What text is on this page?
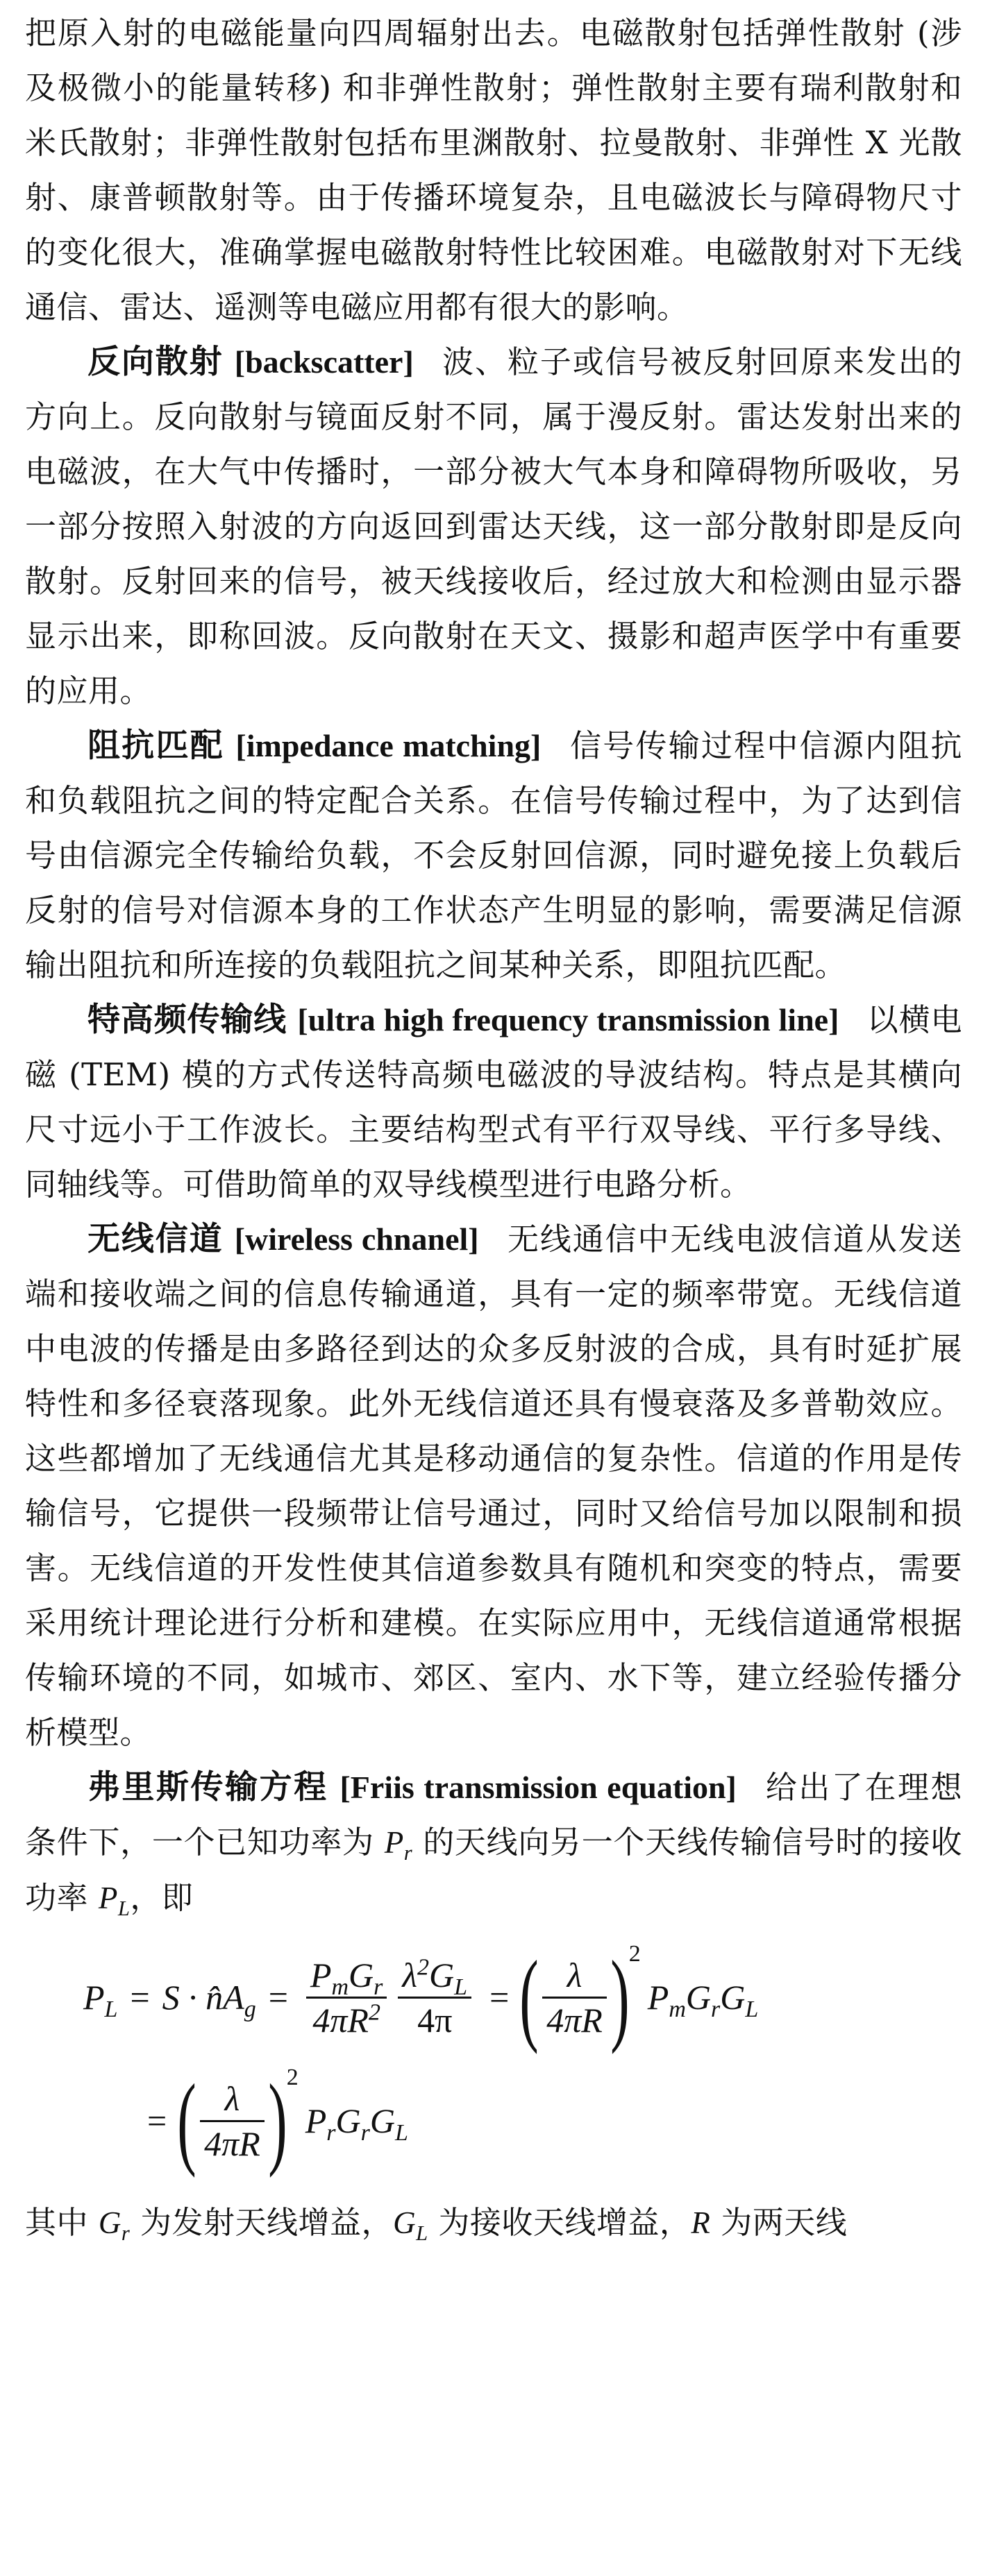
把原入射的电磁能量向四周辐射出去。电磁散射包括弹性散射 (涉及极微小的能量转移) 和非弹性散射；弹性散射主要有瑞利散射和米氏散射；非弹性散射包括布里渊散射、拉曼散射、非弹性 X 光散射、康普顿散射等。由于传播环境复杂，且电磁波长与障碍物尺寸的变化很大，准确掌握电磁散射特性比较困难。电磁散射对下无线通信、雷达、遥测等电磁应用都有很大的影响。

反向散射 [backscatter] 波、粒子或信号被反射回原来发出的方向上。反向散射与镜面反射不同，属于漫反射。雷达发射出来的电磁波，在大气中传播时，一部分被大气本身和障碍物所吸收，另一部分按照入射波的方向返回到雷达天线，这一部分散射即是反向散射。反射回来的信号，被天线接收后，经过放大和检测由显示器显示出来，即称回波。反向散射在天文、摄影和超声医学中有重要的应用。

阻抗匹配 [impedance matching] 信号传输过程中信源内阻抗和负载阻抗之间的特定配合关系。在信号传输过程中，为了达到信号由信源完全传输给负载，不会反射回信源，同时避免接上负载后反射的信号对信源本身的工作状态产生明显的影响，需要满足信源输出阻抗和所连接的负载阻抗之间某种关系，即阻抗匹配。

特高频传输线 [ultra high frequency transmission line] 以横电磁 (TEM) 模的方式传送特高频电磁波的导波结构。特点是其横向尺寸远小于工作波长。主要结构型式有平行双导线、平行多导线、同轴线等。可借助简单的双导线模型进行电路分析。

无线信道 [wireless chnanel] 无线通信中无线电波信道从发送端和接收端之间的信息传输通道，具有一定的频率带宽。无线信道中电波的传播是由多路径到达的众多反射波的合成，具有时延扩展特性和多径衰落现象。此外无线信道还具有慢衰落及多普勒效应。这些都增加了无线通信尤其是移动通信的复杂性。信道的作用是传输信号，它提供一段频带让信号通过，同时又给信号加以限制和损害。无线信道的开发性使其信道参数具有随机和突变的特点，需要采用统计理论进行分析和建模。在实际应用中，无线信道通常根据传输环境的不同，如城市、郊区、室内、水下等，建立经验传播分析模型。

弗里斯传输方程 [Friis transmission equation] 给出了在理想条件下，一个已知功率为 $P_r$ 的天线向另一个天线传输信号时的接收功率 $P_L$，即

$P_L = S$ · $n̂A_g = \frac{P_mG_r}{4\pi R^2} \frac{\lambda^2G_L}{4\pi}$ = ( $\frac{\lambda}{4\pi R}$ ) 2
$P_mG_rG_L$
= ( $\frac{\lambda}{4\pi R}$ ) 2
$P_rG_rG_L$

其中 $G_r$ 为发射天线增益，$G_L$ 为接收天线增益，R 为两天线
